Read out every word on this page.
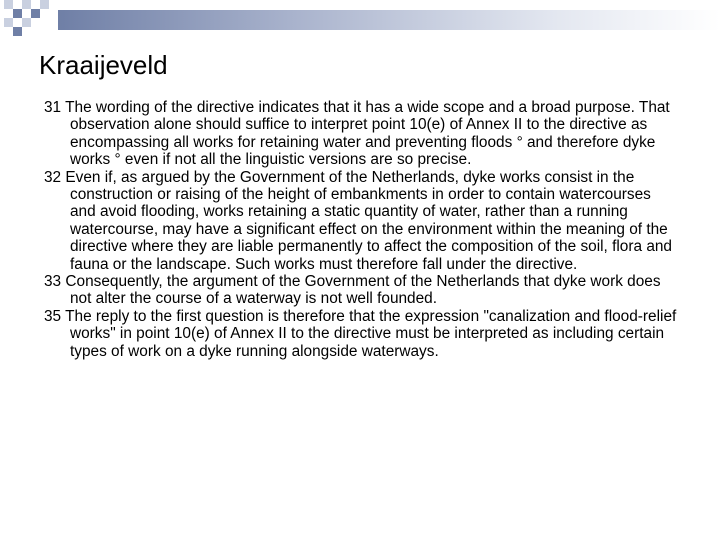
Kraaijeveld
31 The wording of the directive indicates that it has a wide scope and a broad purpose. That observation alone should suffice to interpret point 10(e) of Annex II to the directive as encompassing all works for retaining water and preventing floods ° and therefore dyke works ° even if not all the linguistic versions are so precise.
32 Even if, as argued by the Government of the Netherlands, dyke works consist in the construction or raising of the height of embankments in order to contain watercourses and avoid flooding, works retaining a static quantity of water, rather than a running watercourse, may have a significant effect on the environment within the meaning of the directive where they are liable permanently to affect the composition of the soil, flora and fauna or the landscape. Such works must therefore fall under the directive.
33 Consequently, the argument of the Government of the Netherlands that dyke work does not alter the course of a waterway is not well founded.
35 The reply to the first question is therefore that the expression "canalization and flood-relief works" in point 10(e) of Annex II to the directive must be interpreted as including certain types of work on a dyke running alongside waterways.
